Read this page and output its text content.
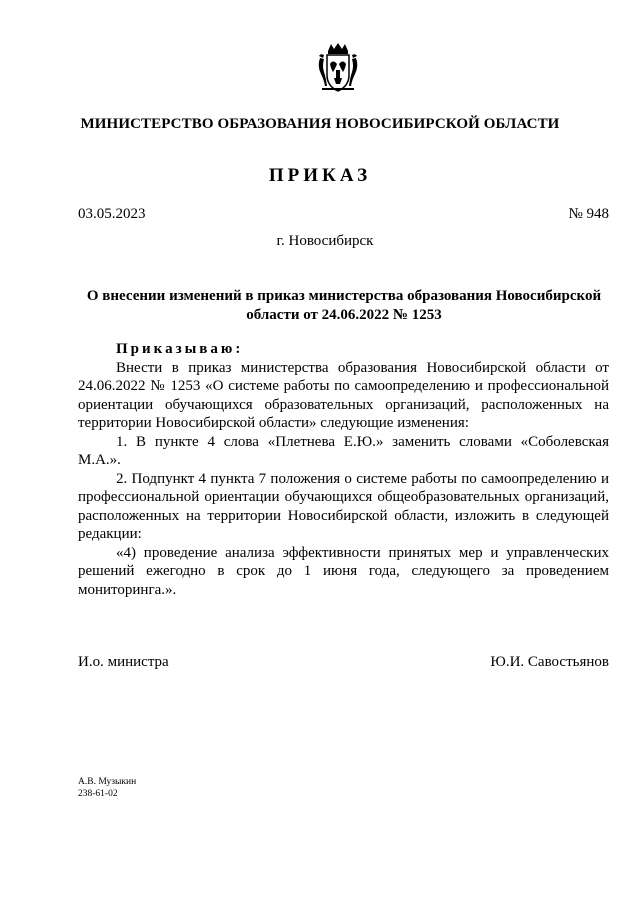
МИНИСТЕРСТВО ОБРАЗОВАНИЯ НОВОСИБИРСКОЙ ОБЛАСТИ
ПРИКАЗ
03.05.2023	№ 948
г. Новосибирск
О внесении изменений в приказ министерства образования Новосибирской области от 24.06.2022 № 1253

Приказываю:

Внести в приказ министерства образования Новосибирской области от 24.06.2022 № 1253 «О системе работы по самоопределению и профессиональной ориентации обучающихся образовательных организаций, расположенных на территории Новосибирской области» следующие изменения:

1. В пункте 4 слова «Плетнева Е.Ю.» заменить словами «Соболевская М.А.».

2. Подпункт 4 пункта 7 положения о системе работы по самоопределению и профессиональной ориентации обучающихся общеобразовательных организаций, расположенных на территории Новосибирской области, изложить в следующей редакции:

«4) проведение анализа эффективности принятых мер и управленческих решений ежегодно в срок до 1 июня года, следующего за проведением мониторинга.».

И.о. министра	Ю.И. Савостьянов
А.В. Музыкин
238-61-02
